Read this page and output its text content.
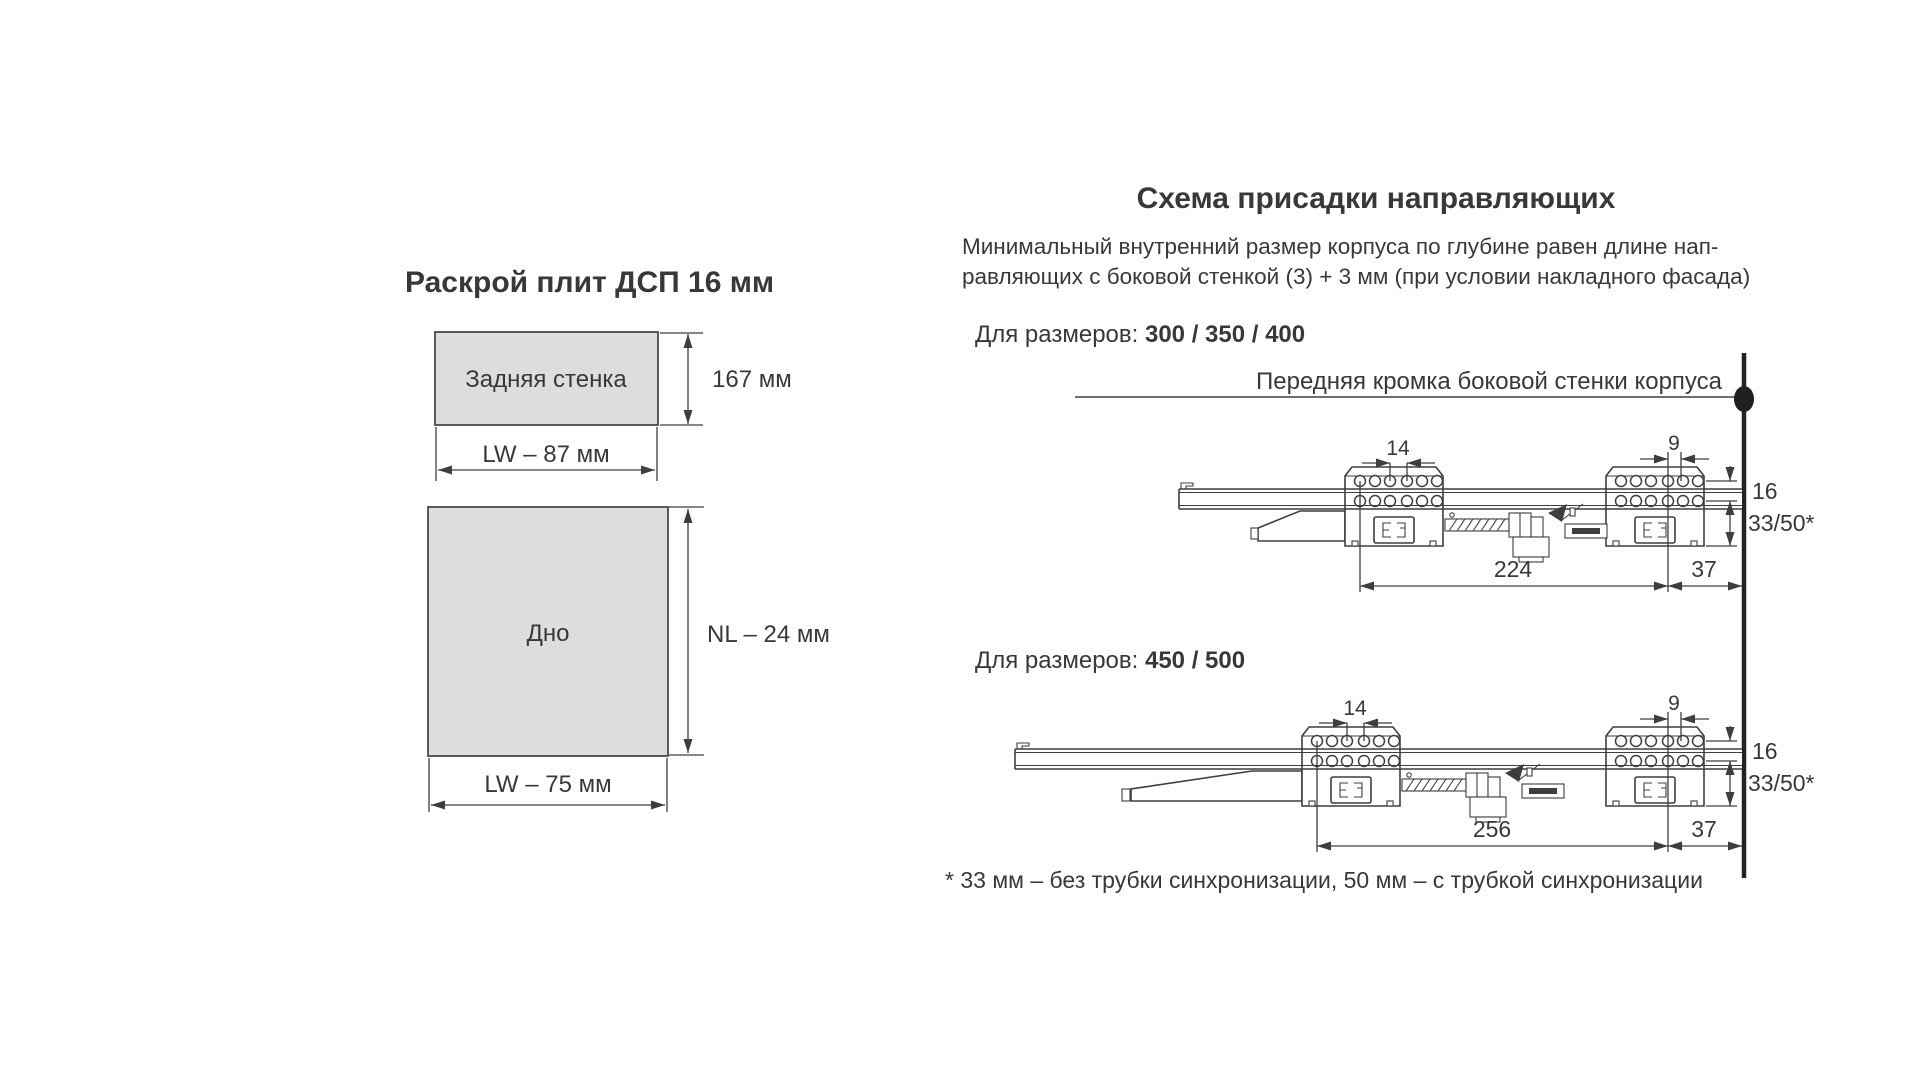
Раскрой плит ДСП 16 мм
Задняя стенка	167 мм
LW – 87 мм
Дно	NL – 24 мм
LW – 75 мм
Схема присадки направляющих
Минимальный внутренний размер корпуса по глубине равен длине нап-
равляющих с боковой стенкой (3) + 3 мм (при условии накладного фасада)
Для размеров: 300 / 350 / 400
Передняя кромка боковой стенки корпуса
14	9
16
33/50*
224	37
Для размеров: 450 / 500
14	9
16
33/50*
256	37
* 33 мм – без трубки синхронизации, 50 мм – с трубкой синхронизации
